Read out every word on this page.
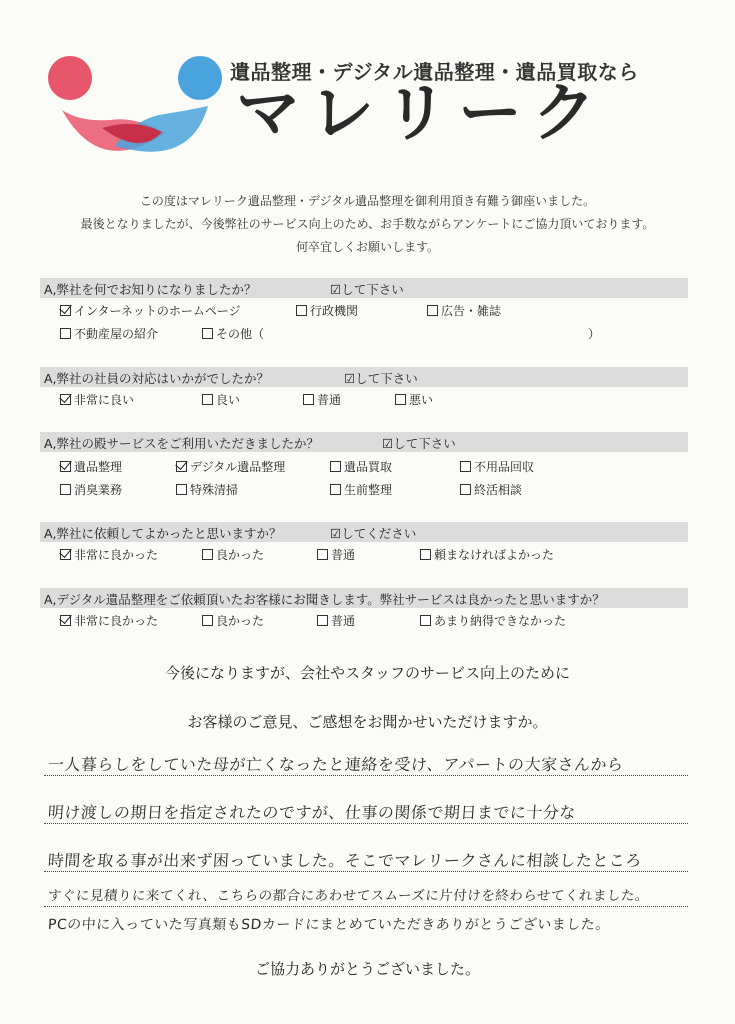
遺品整理・デジタル遺品整理・遺品買取なら
マレリーク
この度はマレリーク遺品整理・デジタル遺品整理を御利用頂き有難う御座いました。
最後となりましたが、今後弊社のサービス向上のため、お手数ながらアンケートにご協力頂いております。
何卒宜しくお願いします。
A,弊社を何でお知りになりましたか？	☑して下さい
インターネットのホームページ	行政機関	広告・雑誌
不動産屋の紹介	その他（	）
A,弊社の社員の対応はいかがでしたか？	☑して下さい
非常に良い	良い	普通	悪い
A,弊社の殿サービスをご利用いただきましたか？	☑して下さい
遺品整理	デジタル遺品整理	遺品買取	不用品回収
消臭業務	特殊清掃	生前整理	終活相談
A,弊社に依頼してよかったと思いますか？	☑してください
非常に良かった	良かった	普通	頼まなければよかった
A,デジタル遺品整理をご依頼頂いたお客様にお聞きします。弊社サービスは良かったと思いますか？
非常に良かった	良かった	普通	あまり納得できなかった
今後になりますが、会社やスタッフのサービス向上のために
お客様のご意見、ご感想をお聞かせいただけますか。
一人暮らしをしていた母が亡くなったと連絡を受け、アパートの大家さんから
明け渡しの期日を指定されたのですが、仕事の関係で期日までに十分な
時間を取る事が出来ず困っていました。そこでマレリークさんに相談したところ
すぐに見積りに来てくれ、こちらの都合にあわせてスムーズに片付けを終わらせてくれました。
PCの中に入っていた写真類もSDカードにまとめていただきありがとうございました。
ご協力ありがとうございました。
